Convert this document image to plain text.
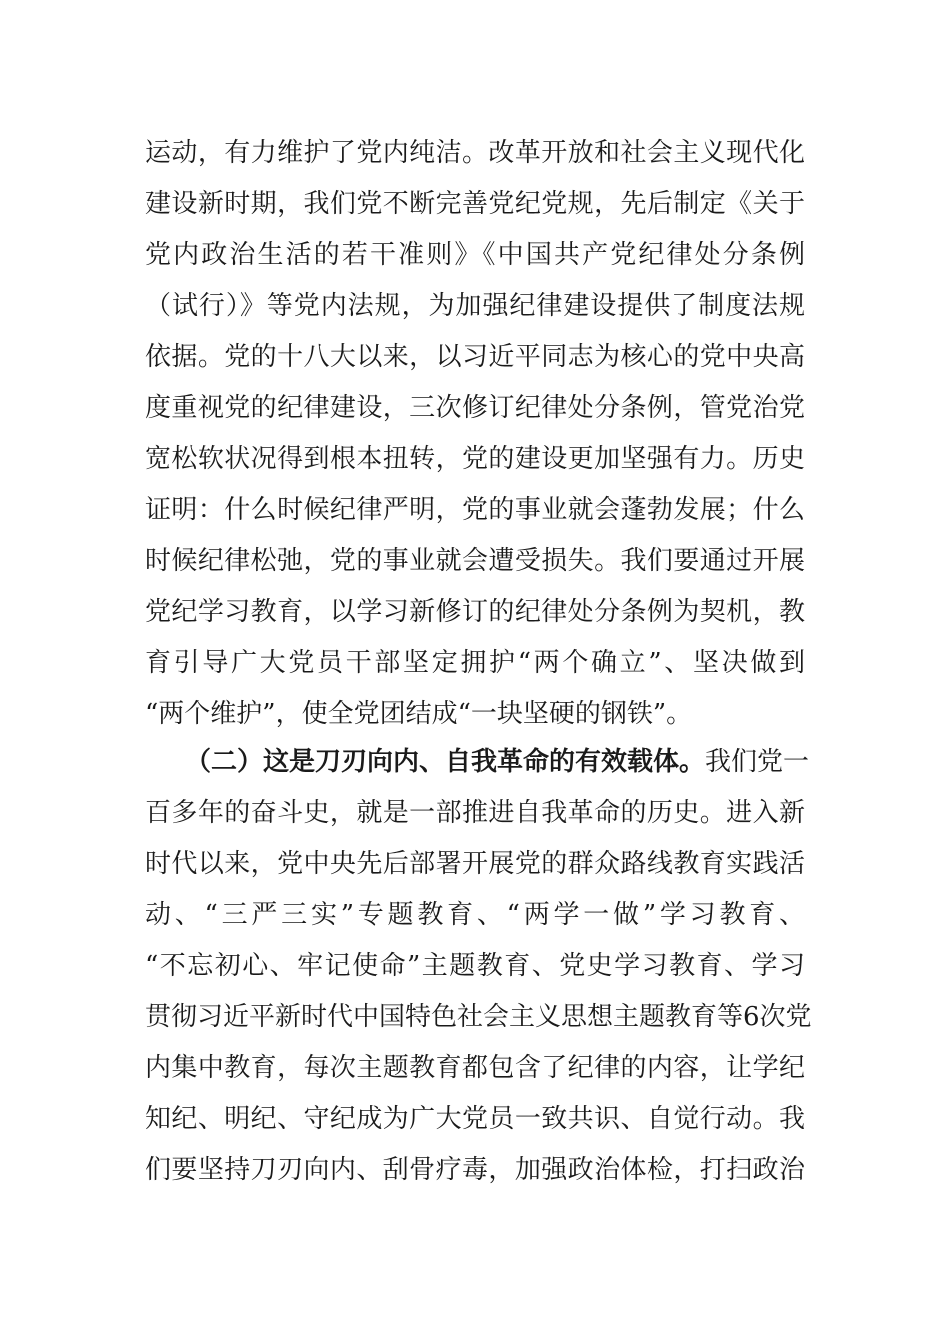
运动，有力维护了党内纯洁。改革开放和社会主义现代化
建设新时期，我们党不断完善党纪党规，先后制定《关于
党内政治生活的若干准则》《中国共产党纪律处分条例
（试行）》等党内法规，为加强纪律建设提供了制度法规
依据。党的十八大以来，以习近平同志为核心的党中央高
度重视党的纪律建设，三次修订纪律处分条例，管党治党
宽松软状况得到根本扭转，党的建设更加坚强有力。历史
证明：什么时候纪律严明，党的事业就会蓬勃发展；什么
时候纪律松弛，党的事业就会遭受损失。我们要通过开展
党纪学习教育，以学习新修订的纪律处分条例为契机，教
育引导广大党员干部坚定拥护“两个确立”、坚决做到
“两个维护”，使全党团结成“一块坚硬的钢铁”。
（二）这是刀刃向内、自我革命的有效载体。我们党一
百多年的奋斗史，就是一部推进自我革命的历史。进入新
时代以来，党中央先后部署开展党的群众路线教育实践活
动、“三严三实”专题教育、“两学一做”学习教育、
“不忘初心、牢记使命”主题教育、党史学习教育、学习
贯彻习近平新时代中国特色社会主义思想主题教育等6次党
内集中教育，每次主题教育都包含了纪律的内容，让学纪
知纪、明纪、守纪成为广大党员一致共识、自觉行动。我
们要坚持刀刃向内、刮骨疗毒，加强政治体检，打扫政治
